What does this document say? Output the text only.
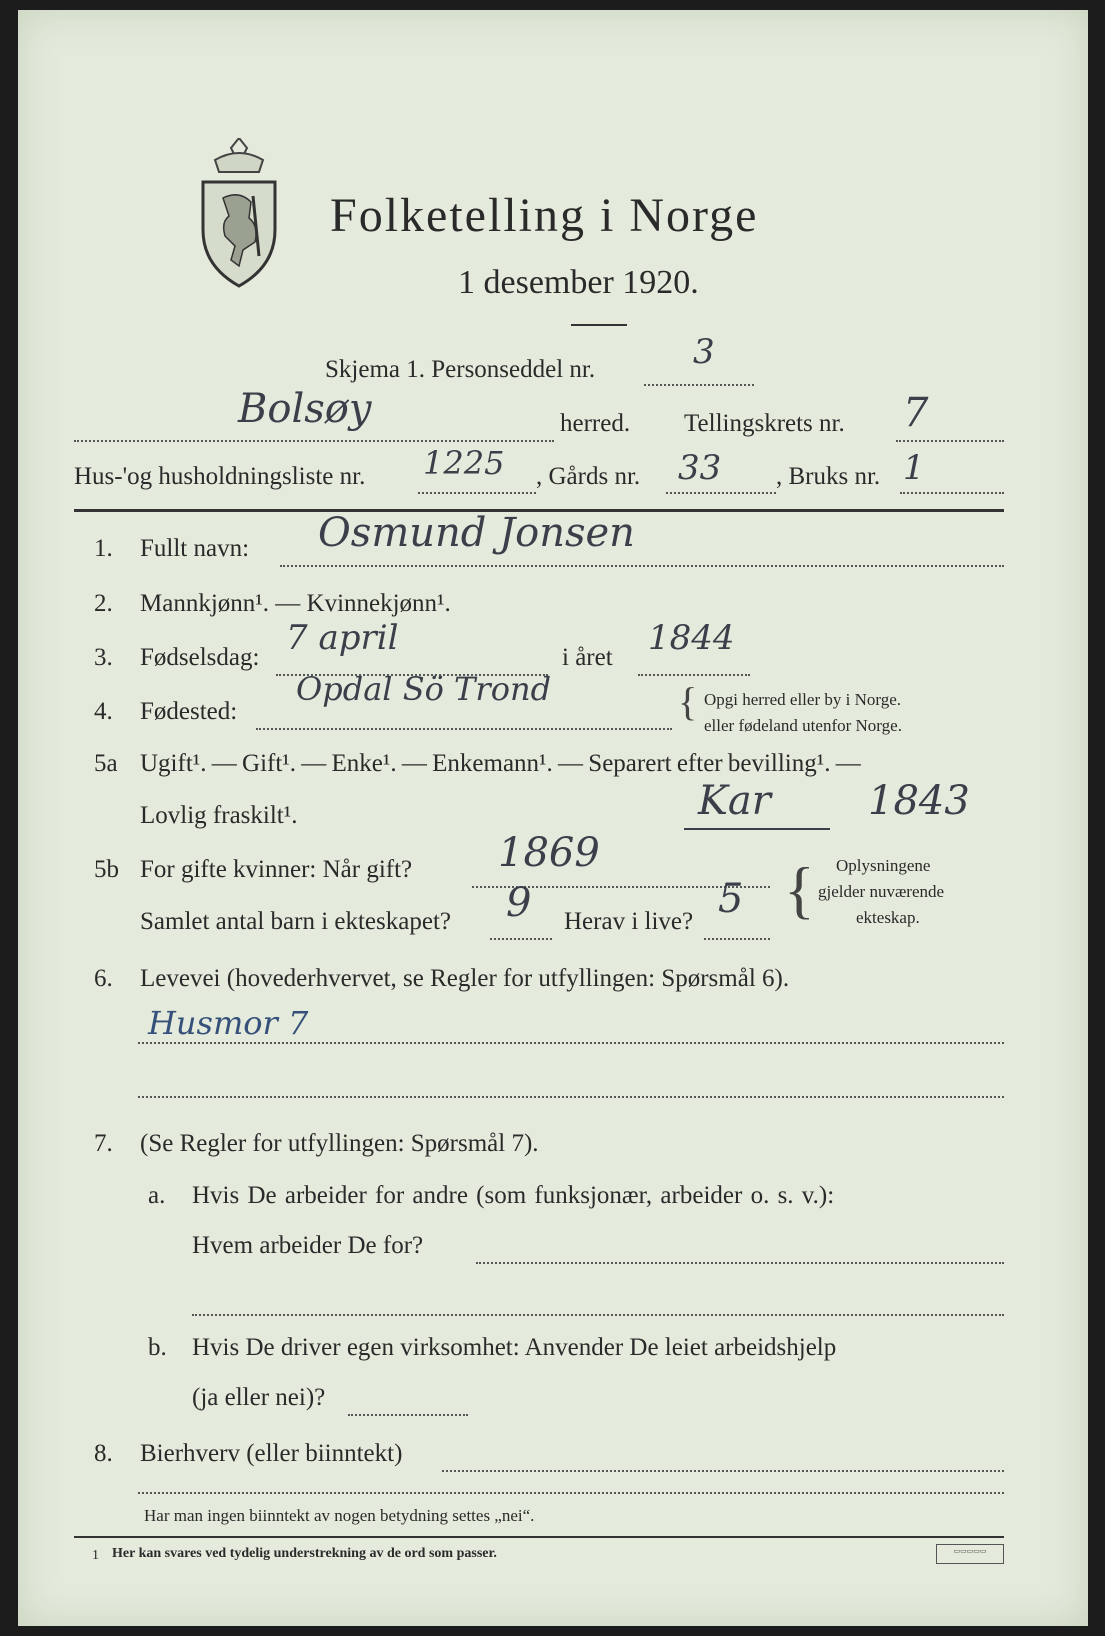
Folketelling i Norge
1 desember 1920.
Skjema 1. Personseddel nr.	3
Bolsøy	herred. Tellingskrets nr. 7
Hus-'og husholdningsliste nr. 1225 , Gårds nr. 33 , Bruks nr. 1
1. Fullt navn: Osmund Jonsen
2. Mannkjønn¹. — Kvinnekjønn¹.
3. Fødselsdag: 7 april	i året 1844
4. Fødested:
Opdal Sö Trond	{ Opgi herred eller by i Norge.
eller fødeland utenfor Norge.
5a Ugift¹. — Gift¹. — Enke¹. — Enkemann¹. — Separert efter bevilling¹. —
Lovlig fraskilt¹.	Kar 1843
5b For gifte kvinner: Når gift? 1869
Samlet antal barn i ekteskapet? 9 Herav i live? 5 { Oplysningene
gjelder nuværende
ekteskap.
6. Levevei (hovederhvervet, se Regler for utfyllingen: Spørsmål 6).
Husmor 7
7. (Se Regler for utfyllingen: Spørsmål 7).
a. Hvis De arbeider for andre (som funksjonær, arbeider o. s. v.):
Hvem arbeider De for?
b. Hvis De driver egen virksomhet: Anvender De leiet arbeidshjelp
(ja eller nei)?
8. Bierhverv (eller biinntekt)
Har man ingen biinntekt av nogen betydning settes „nei“.
1 Her kan svares ved tydelig understrekning av de ord som passer.	▭▭▭▭▭
